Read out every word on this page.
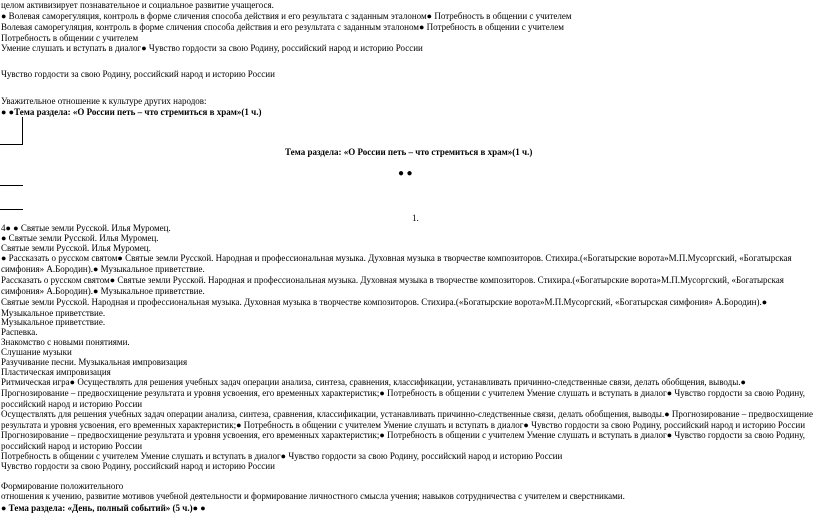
целом активизирует познавательное и социальное развитие учащегося.
● Волевая саморегуляция, контроль в форме сличения способа действия и его результата с заданным эталоном● Потребность в общении с учителем
Волевая саморегуляция, контроль в форме сличения способа действия и его результата с заданным эталоном● Потребность в общении с учителем
Потребность в общении с учителем
Умение слушать и вступать в диалог● Чувство гордости за свою Родину, российский народ и историю России
Чувство гордости за свою Родину, российский народ и историю России
Уважительное отношение к культуре других народов:
● ●Тема раздела: «О России петь – что стремиться в храм»(1 ч.)
Тема раздела: «О России петь – что стремиться в храм»(1 ч.)
● ●
1.
4● ● Святые земли Русской. Илья Муромец.
● Святые земли Русской. Илья Муромец.
Святые земли Русской. Илья Муромец.
● Рассказать о русском святом● Святые земли Русской. Народная и профессиональная музыка. Духовная музыка в творчестве композиторов. Стихира.(«Богатырские ворота»М.П.Мусоргский, «Богатырская симфония» А.Бородин).● Музыкальное приветствие.
Рассказать о русском святом● Святые земли Русской. Народная и профессиональная музыка. Духовная музыка в творчестве композиторов. Стихира.(«Богатырские ворота»М.П.Мусоргский, «Богатырская симфония» А.Бородин).● Музыкальное приветствие.
Святые земли Русской. Народная и профессиональная музыка. Духовная музыка в творчестве композиторов. Стихира.(«Богатырские ворота»М.П.Мусоргский, «Богатырская симфония» А.Бородин).● Музыкальное приветствие.
Музыкальное приветствие.
Распевка.
Знакомство с новыми понятиями.
Слушание музыки
Разучивание песни. Музыкальная импровизация
Пластическая импровизация
Ритмическая игра● Осуществлять для решения учебных задач операции анализа, синтеза, сравнения, классификации, устанавливать причинно-следственные связи, делать обобщения, выводы.● Прогнозирование – предвосхищение результата и уровня усвоения, его временных характеристик;● Потребность в общении с учителем Умение слушать и вступать в диалог● Чувство гордости за свою Родину, российский народ и историю России
Осуществлять для решения учебных задач операции анализа, синтеза, сравнения, классификации, устанавливать причинно-следственные связи, делать обобщения, выводы.● Прогнозирование – предвосхищение результата и уровня усвоения, его временных характеристик;● Потребность в общении с учителем Умение слушать и вступать в диалог● Чувство гордости за свою Родину, российский народ и историю России
Прогнозирование – предвосхищение результата и уровня усвоения, его временных характеристик;● Потребность в общении с учителем Умение слушать и вступать в диалог● Чувство гордости за свою Родину, российский народ и историю России
Потребность в общении с учителем Умение слушать и вступать в диалог● Чувство гордости за свою Родину, российский народ и историю России
Чувство гордости за свою Родину, российский народ и историю России
Формирование положительного
отношения к учению, развитие мотивов учебной деятельности и формирование личностного смысла учения; навыков сотрудничества с учителем и сверстниками.
● Тема раздела: «День, полный событий» (5 ч.)● ●
